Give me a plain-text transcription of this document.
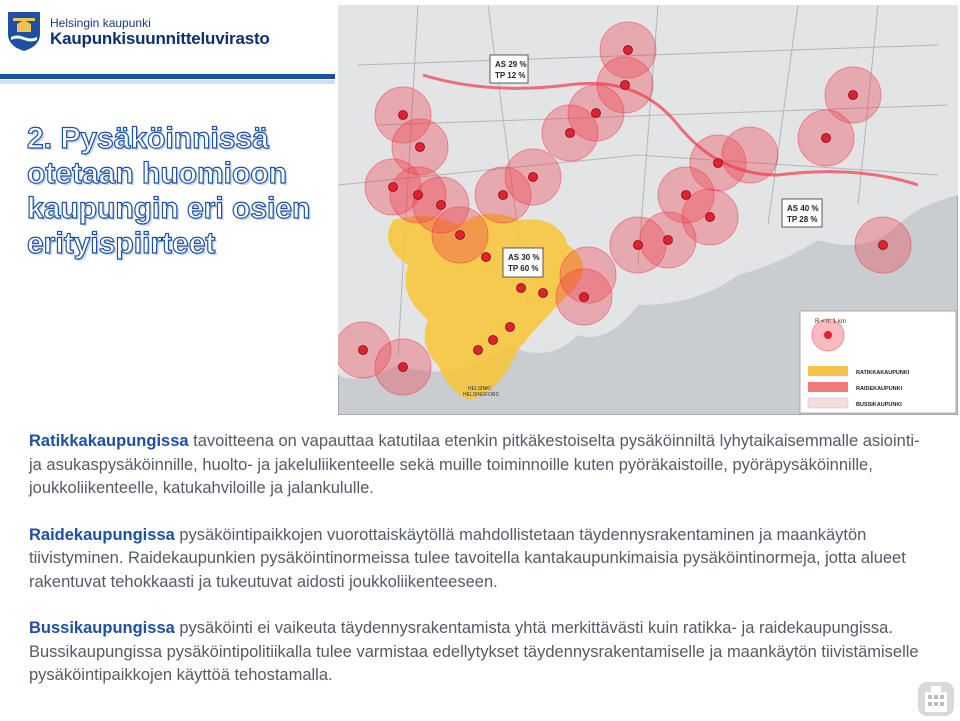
Helsingin kaupunki
Kaupunkisuunnitteluvirasto
2. Pysäköinnissä
otetaan huomioon
kaupungin eri osien
erityispiirteet
AS 29 %
TP 12 %
AS 30 %
TP 60 %
AS 40 %
TP 28 %
HELSINKI
HELSINGFORS
R = n. 1 km
RATIKKAKAUPUNKI
RAIDEKAUPUNKI
BUSSIKAUPUNKI

Ratikkakaupungissa tavoitteena on vapauttaa katutilaa etenkin pitkäkestoiselta pysäköinniltä lyhytaikaisemmalle asiointi- ja asukaspysäköinnille, huolto- ja jakeluliikenteelle sekä muille toiminnoille kuten pyöräkaistoille, pyöräpysäköinnille, joukkoliikenteelle, katukahviloille ja jalankululle.

Raidekaupungissa pysäköintipaikkojen vuorottaiskäytöllä mahdollistetaan täydennysrakentaminen ja maankäytön tiivistyminen. Raidekaupunkien pysäköintinormeissa tulee tavoitella kantakaupunkimaisia pysäköintinormeja, jotta alueet rakentuvat tehokkaasti ja tukeutuvat aidosti joukkoliikenteeseen.

Bussikaupungissa pysäköinti ei vaikeuta täydennysrakentamista yhtä merkittävästi kuin ratikka- ja raidekaupungissa. Bussikaupungissa pysäköintipolitiikalla tulee varmistaa edellytykset täydennysrakentamiselle ja maankäytön tiivistämiselle pysäköintipaikkojen käyttöä tehostamalla.
